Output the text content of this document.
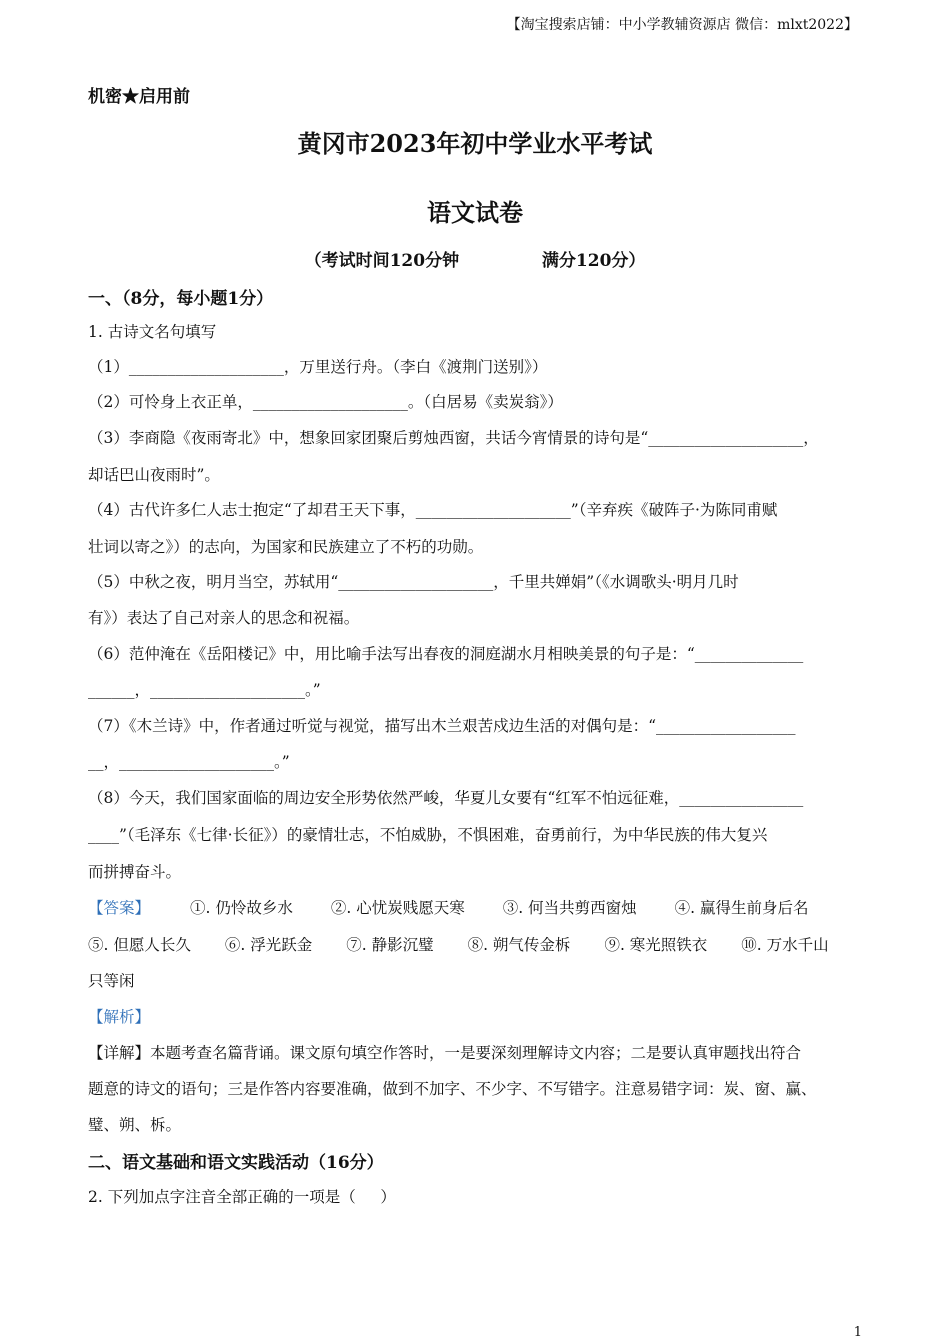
【淘宝搜索店铺：中小学教辅资源店 微信：mlxt2022】
机密★启用前
黄冈市2023年初中学业水平考试
语文试卷
（考试时间120分钟              满分120分）
一、（8分，每小题1分）
1. 古诗文名句填写
（1）____________________，万里送行舟。（李白《渡荆门送别》）
（2）可怜身上衣正单，____________________。（白居易《卖炭翁》）
（3）李商隐《夜雨寄北》中，想象回家团聚后剪烛西窗，共话今宵情景的诗句是“____________________，
却话巴山夜雨时”。
（4）古代许多仁人志士抱定“了却君王天下事，____________________”（辛弃疾《破阵子·为陈同甫赋
壮词以寄之》）的志向，为国家和民族建立了不朽的功勋。
（5）中秋之夜，明月当空，苏轼用“____________________，千里共婵娟”（《水调歌头·明月几时
有》）表达了自己对亲人的思念和祝福。
（6）范仲淹在《岳阳楼记》中，用比喻手法写出春夜的洞庭湖水月相映美景的句子是：“______________
______，____________________。”
（7）《木兰诗》中，作者通过听觉与视觉，描写出木兰艰苦戍边生活的对偶句是：“__________________
__，____________________。”
（8）今天，我们国家面临的周边安全形势依然严峻，华夏儿女要有“红军不怕远征难，________________
____”（毛泽东《七律·长征》）的豪情壮志，不怕威胁，不惧困难，奋勇前行，为中华民族的伟大复兴
而拼搏奋斗。
【答案】	①. 仍怜故乡水 ②. 心忧炭贱愿天寒 ③. 何当共剪西窗烛 ④. 赢得生前身后名
⑤. 但愿人长久 ⑥. 浮光跃金 ⑦. 静影沉璧 ⑧. 朔气传金柝 ⑨. 寒光照铁衣 ⑩. 万水千山
只等闲
【解析】
【详解】本题考查名篇背诵。课文原句填空作答时，一是要深刻理解诗文内容；二是要认真审题找出符合
题意的诗文的语句；三是作答内容要准确，做到不加字、不少字、不写错字。注意易错字词：炭、窗、赢、
璧、朔、柝。
二、语文基础和语文实践活动（16分）
2. 下列加点字注音全部正确的一项是（     ）
1
